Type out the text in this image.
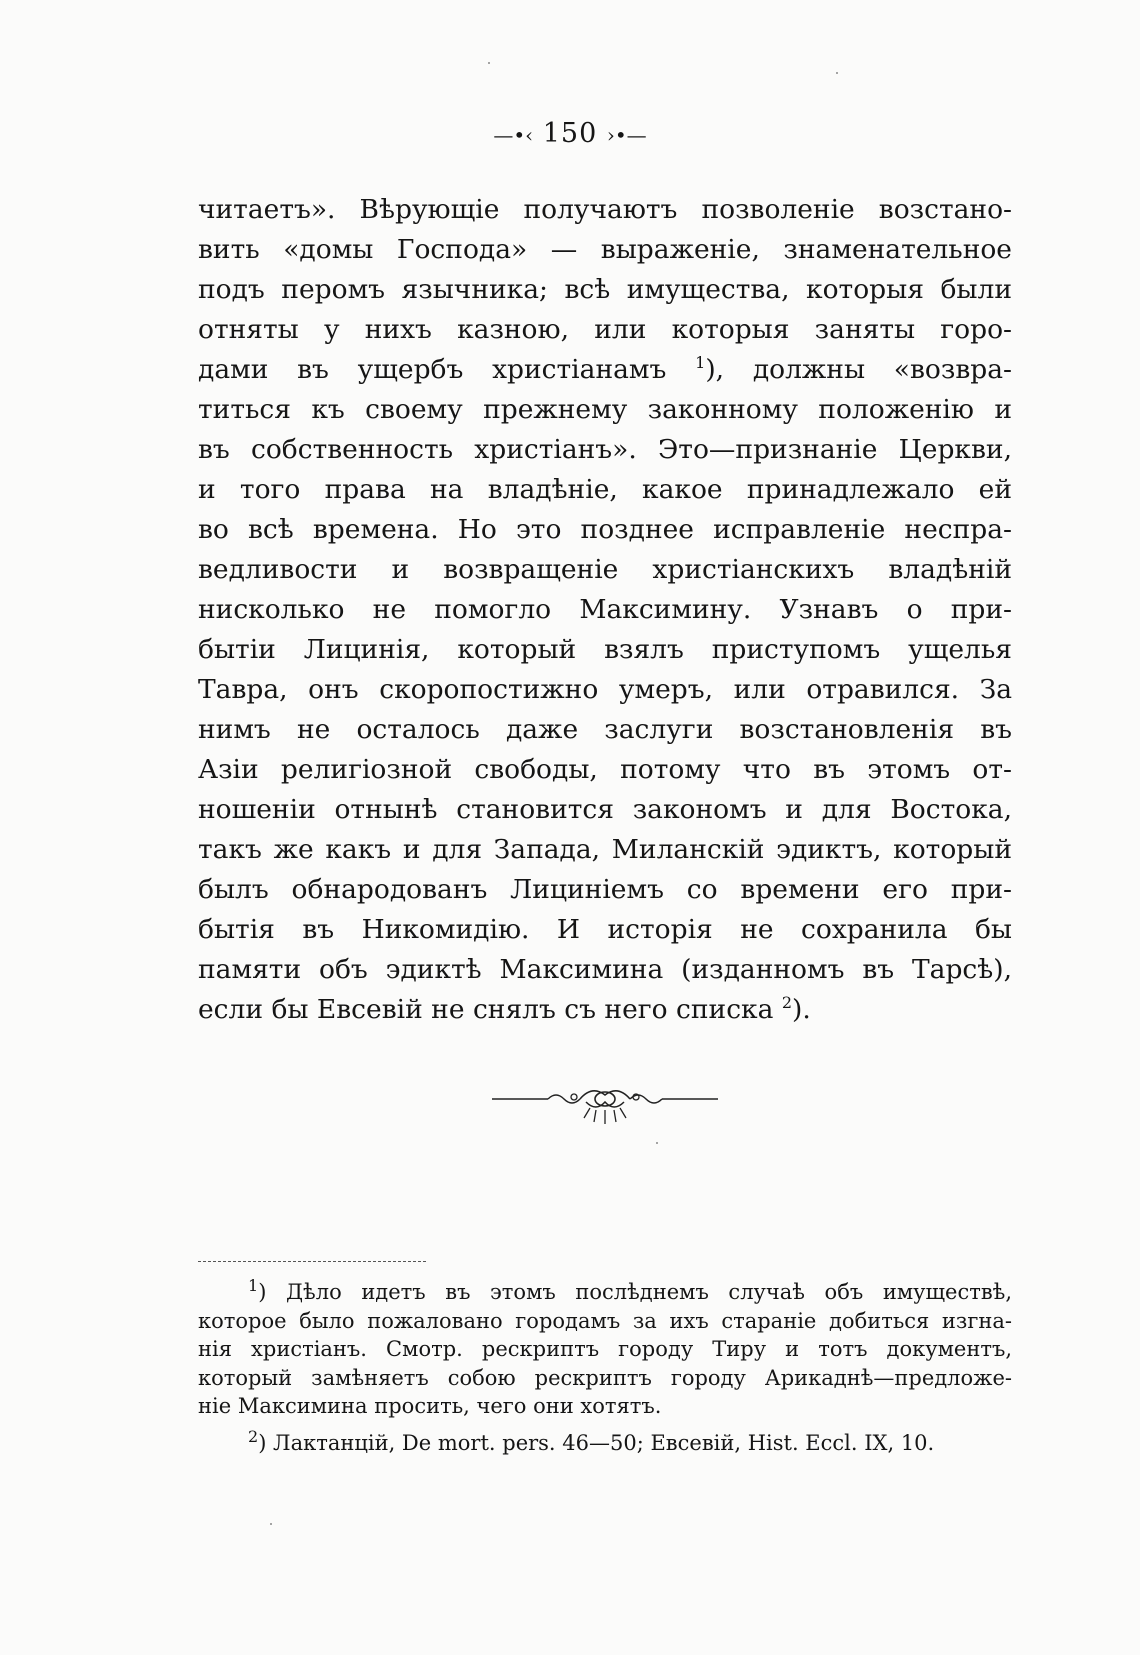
—•‹ 150 ›•—
читаетъ». Вѣрующіе получаютъ позволеніе возстано-
вить «домы Господа» — выраженіе, знаменательное
подъ перомъ язычника; всѣ имущества, которыя были
отняты у нихъ казною, или которыя заняты горо-
дами въ ущербъ христіанамъ $^1$), должны «возвра-
титься къ своему прежнему законному положенію и
въ собственность христіанъ». Это—признаніе Церкви,
и того права на владѣніе, какое принадлежало ей
во всѣ времена. Но это позднее исправленіе неспра-
ведливости и возвращеніе христіанскихъ владѣній
нисколько не помогло Максимину. Узнавъ о при-
бытіи Лицинія, который взялъ приступомъ ущелья
Тавра, онъ скоропостижно умеръ, или отравился. За
нимъ не осталось даже заслуги возстановленія въ
Азіи религіозной свободы, потому что въ этомъ от-
ношеніи отнынѣ становится закономъ и для Востока,
такъ же какъ и для Запада, Миланскій эдиктъ, который
былъ обнародованъ Лициніемъ со времени его при-
бытія въ Никомидію. И исторія не сохранила бы
памяти объ эдиктѣ Максимина (изданномъ въ Тарсѣ),
если бы Евсевій не снялъ съ него списка $^2$).
$^1$) Дѣло идетъ въ этомъ послѣднемъ случаѣ объ имуществѣ,
которое было пожаловано городамъ за ихъ стараніе добиться изгна-
нія христіанъ. Смотр. рескриптъ городу Тиру и тотъ документъ,
который замѣняетъ собою рескриптъ городу Арикаднѣ—предложе-
ніе Максимина просить, чего они хотятъ.
$^2$) Лактанцій, De mort. pers. 46—50; Евсевій, Hist. Eccl. IX, 10.
